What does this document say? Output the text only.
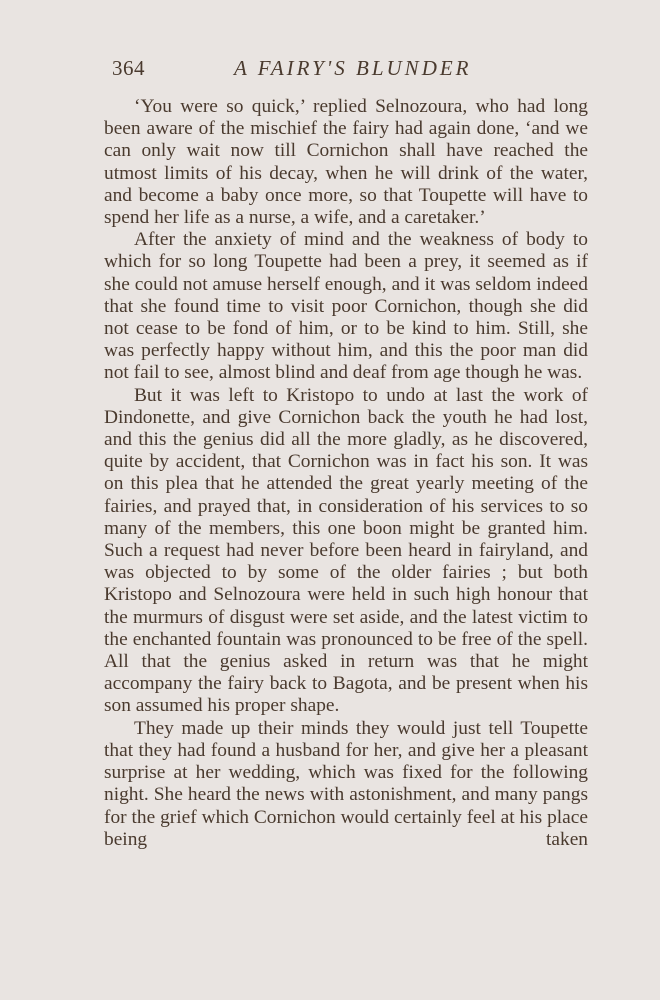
364	A FAIRY'S BLUNDER

‘You were so quick,’ replied Selnozoura, who had long been aware of the mischief the fairy had again done, ‘and we can only wait now till Cornichon shall have reached the utmost limits of his decay, when he will drink of the water, and become a baby once more, so that Toupette will have to spend her life as a nurse, a wife, and a caretaker.’

After the anxiety of mind and the weakness of body to which for so long Toupette had been a prey, it seemed as if she could not amuse herself enough, and it was seldom indeed that she found time to visit poor Cornichon, though she did not cease to be fond of him, or to be kind to him. Still, she was perfectly happy without him, and this the poor man did not fail to see, almost blind and deaf from age though he was.

But it was left to Kristopo to undo at last the work of Dindonette, and give Cornichon back the youth he had lost, and this the genius did all the more gladly, as he discovered, quite by accident, that Cornichon was in fact his son. It was on this plea that he attended the great yearly meeting of the fairies, and prayed that, in consideration of his services to so many of the members, this one boon might be granted him. Such a request had never before been heard in fairyland, and was objected to by some of the older fairies ; but both Kristopo and Selnozoura were held in such high honour that the murmurs of disgust were set aside, and the latest victim to the enchanted fountain was pronounced to be free of the spell. All that the genius asked in return was that he might accompany the fairy back to Bagota, and be present when his son assumed his proper shape.

They made up their minds they would just tell Toupette that they had found a husband for her, and give her a pleasant surprise at her wedding, which was fixed for the following night. She heard the news with astonishment, and many pangs for the grief which Cornichon would certainly feel at his place being taken
